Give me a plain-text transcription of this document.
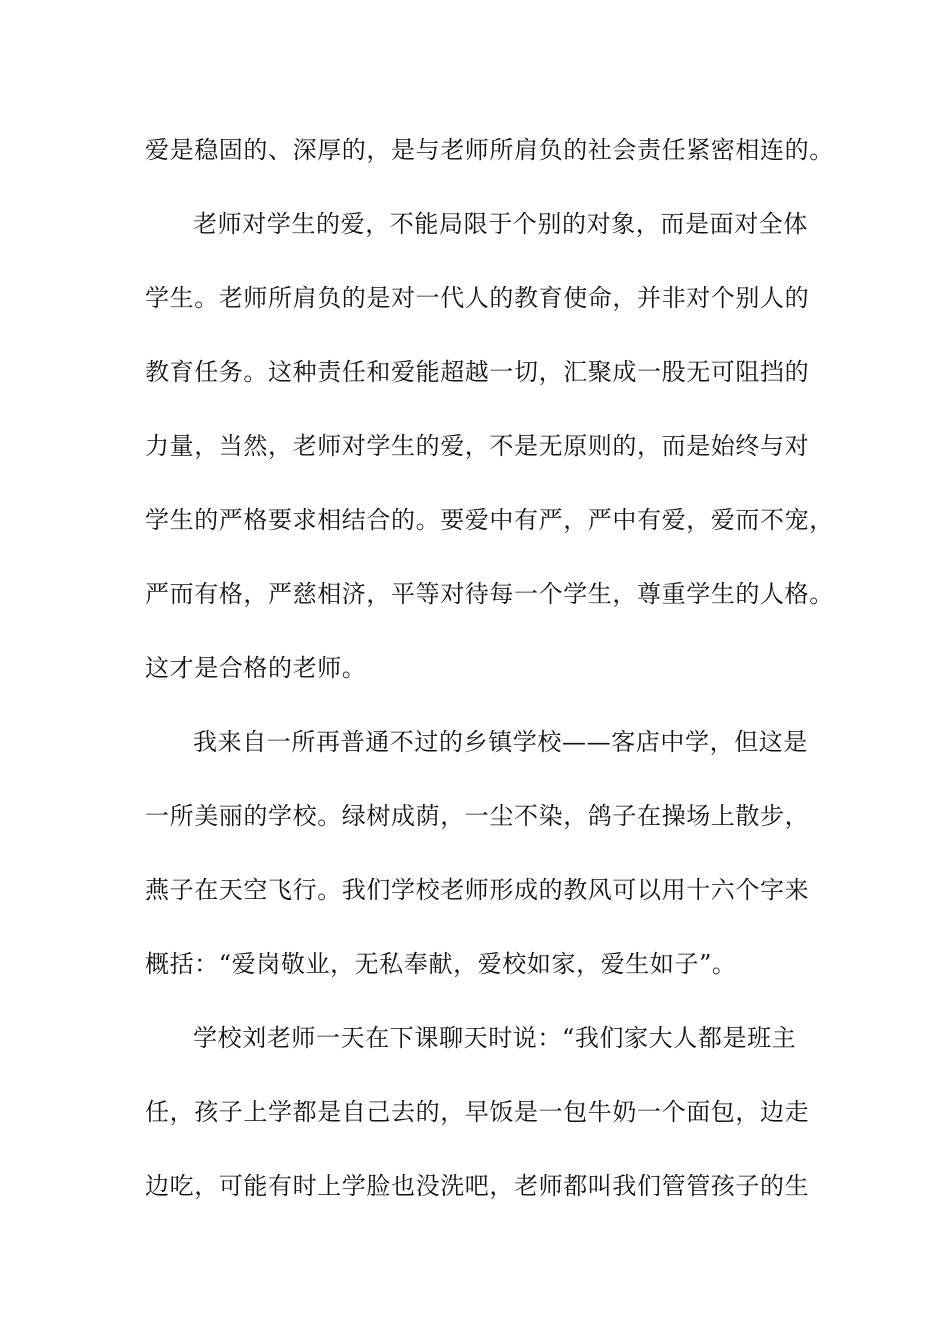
爱是稳固的、深厚的，是与老师所肩负的社会责任紧密相连的。
老师对学生的爱，不能局限于个别的对象，而是面对全体
学生。老师所肩负的是对一代人的教育使命，并非对个别人的
教育任务。这种责任和爱能超越一切，汇聚成一股无可阻挡的
力量，当然，老师对学生的爱，不是无原则的，而是始终与对
学生的严格要求相结合的。要爱中有严，严中有爱，爱而不宠，
严而有格，严慈相济，平等对待每一个学生，尊重学生的人格。
这才是合格的老师。
我来自一所再普通不过的乡镇学校——客店中学，但这是
一所美丽的学校。绿树成荫，一尘不染，鸽子在操场上散步，
燕子在天空飞行。我们学校老师形成的教风可以用十六个字来
概括：“爱岗敬业，无私奉献，爱校如家，爱生如子”。
学校刘老师一天在下课聊天时说：“我们家大人都是班主
任，孩子上学都是自己去的，早饭是一包牛奶一个面包，边走
边吃，可能有时上学脸也没洗吧，老师都叫我们管管孩子的生
